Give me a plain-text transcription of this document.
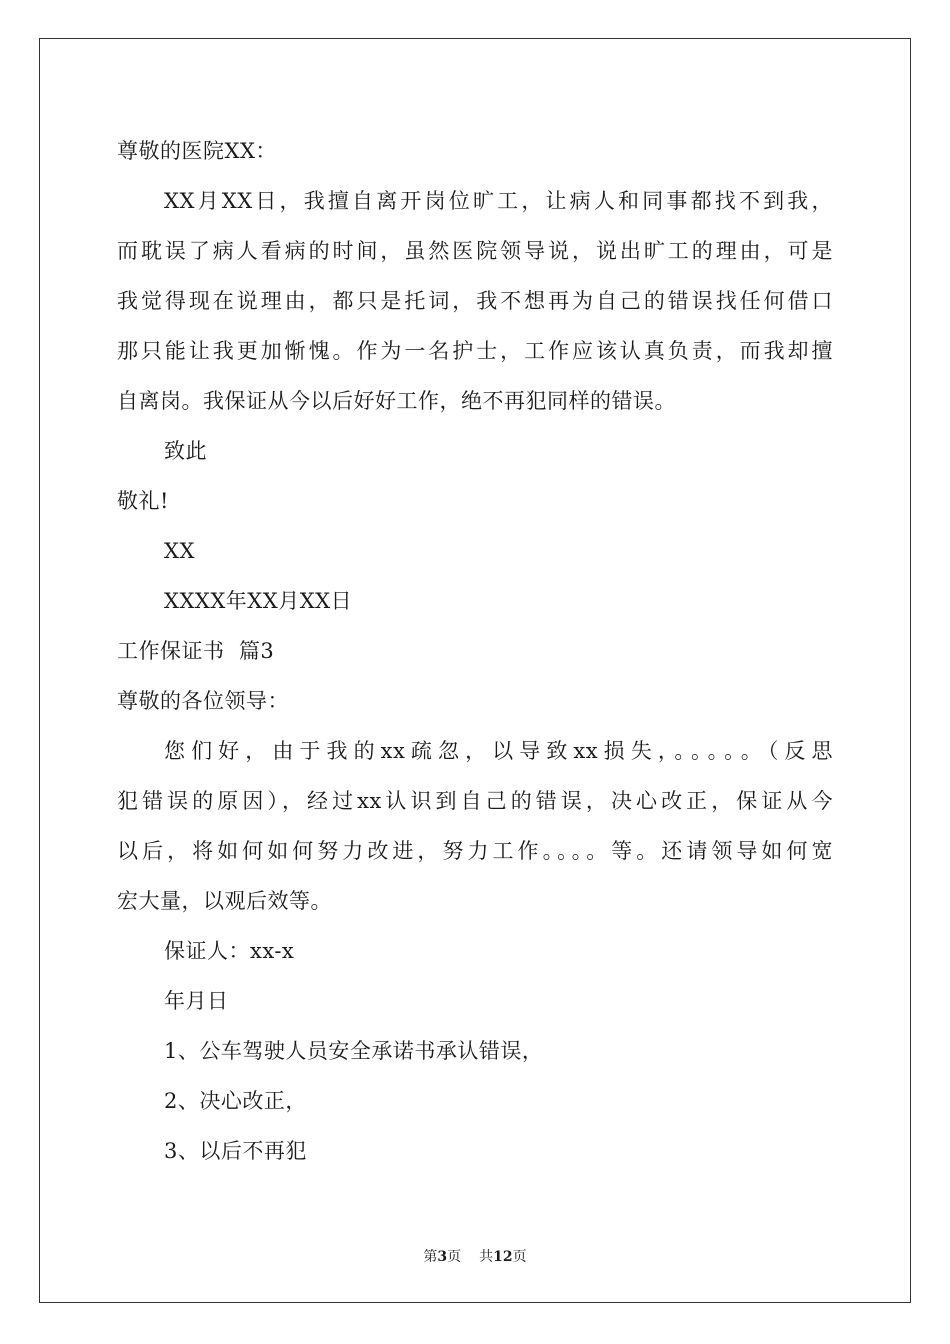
尊敬的医院XX：
XX月XX日，我擅自离开岗位旷工，让病人和同事都找不到我，
而耽误了病人看病的时间，虽然医院领导说，说出旷工的理由，可是
我觉得现在说理由，都只是托词，我不想再为自己的错误找任何借口
那只能让我更加惭愧。作为一名护士，工作应该认真负责，而我却擅
自离岗。我保证从今以后好好工作，绝不再犯同样的错误。
致此
敬礼!
XX
XXXX年XX月XX日
工作保证书  篇3
尊敬的各位领导：
您们好，由于我的xx疏忽，以导致xx损失，。。。。。（反思
犯错误的原因），经过xx认识到自己的错误，决心改正，保证从今
以后，将如何如何努力改进，努力工作。。。。等。还请领导如何宽
宏大量，以观后效等。
保证人：xx-x
年月日
1、公车驾驶人员安全承诺书承认错误，
2、决心改正，
3、以后不再犯
第3页 共12页
